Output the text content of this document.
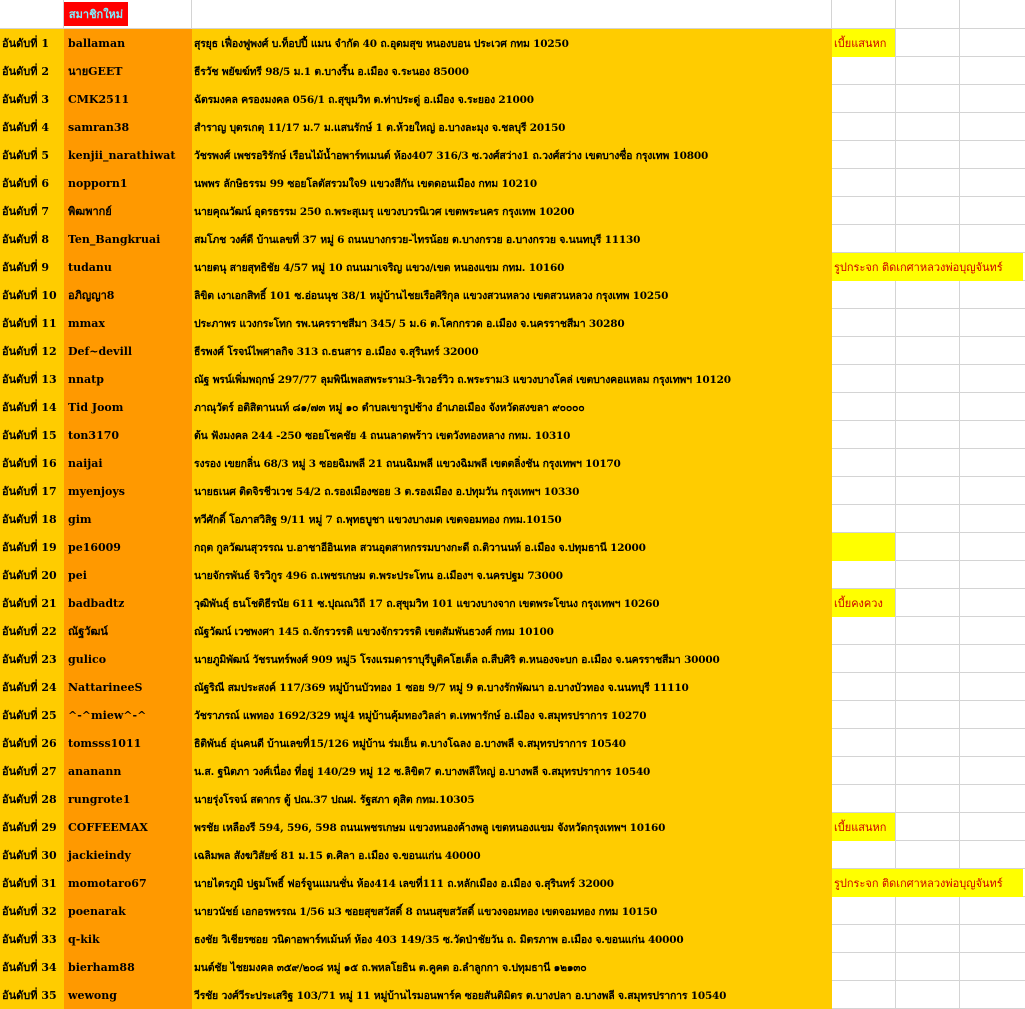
สมาชิกใหม่
อันดับที่ 1	ballaman	สุรยุธ เฟื่องฟูพงศ์ บ.ท็อปปี้ แมน จำกัด 40 ถ.อุดมสุข หนองบอน ประเวศ กทม 10250	เบี้ยแสนหก
อันดับที่ 2	นายGEET	ธีรวัช พยัฆฆ์ทรี 98/5 ม.1 ต.บางริ้น อ.เมือง จ.ระนอง 85000
อันดับที่ 3	CMK2511	ฉัตรมงคล ครองมงคล 056/1 ถ.สุขุมวิท ต.ท่าประดู่ อ.เมือง จ.ระยอง 21000
อันดับที่ 4	samran38	สำราญ บุตรเกตุ 11/17 ม.7 ม.แสนรักษ์ 1 ต.ห้วยใหญ่ อ.บางละมุง จ.ชลบุรี 20150
อันดับที่ 5	kenjii_narathiwat	วัชรพงศ์ เพชรอริรักษ์ เรือนไม้น้ำอพาร์ทเมนต์ ห้อง407 316/3 ซ.วงศ์สว่าง1 ถ.วงศ์สว่าง เขตบางซื่อ กรุงเทพ 10800
อันดับที่ 6	nopporn1	นพพร ลักษิธรรม 99 ซอยโลตัสรวมใจ9 แขวงสีกัน เขตดอนเมือง กทม 10210
อันดับที่ 7	พิฒพากย์	นายคุณวัฒน์ อุดรธรรม 250 ถ.พระสุเมรุ แขวงบวรนิเวศ เขตพระนคร กรุงเทพ 10200
อันดับที่ 8	Ten_Bangkruai	สมโภช วงศ์ดี บ้านเลขที่ 37 หมู่ 6 ถนนบางกรวย-ไทรน้อย ต.บางกรวย อ.บางกรวย จ.นนทบุรี 11130
อันดับที่ 9	tudanu	นายตนุ สายสุทธิชัย 4/57 หมู่ 10 ถนนมาเจริญ แขวง/เขต หนองแขม กทม. 10160	รูปกระจก ติดเกศาหลวงพ่อบุญจันทร์
อันดับที่ 10	อภิญญา8	ลิขิต เงาเอกสิทธิ์ 101 ซ.อ่อนนุช 38/1 หมู่บ้านไชยเรือศิริกุล แขวงสวนหลวง เขตสวนหลวง กรุงเทพ 10250
อันดับที่ 11	mmax	ประภาพร แวงกระโทก รพ.นครราชสีมา 345/ 5 ม.6 ต.โคกกรวด อ.เมือง จ.นครราชสีมา 30280
อันดับที่ 12	Def~devill	ธีรพงศ์ โรจน์ไพศาลกิจ 313 ถ.ธนสาร อ.เมือง จ.สุรินทร์ 32000
อันดับที่ 13	nnatp	ณัฐ พรน์เพิ่มพฤกษ์ 297/77 ลุมพินีเพลสพระราม3-ริเวอร์วิว ถ.พระราม3 แขวงบางโคล่ เขตบางคอแหลม กรุงเทพฯ 10120
อันดับที่ 14	Tid Joom	ภาณุวัตร์ อติสิตานนท์ ๘๑/๗๓ หมู่ ๑๐ ตำบลเขารูปช้าง อำเภอเมือง จังหวัดสงขลา ๙๐๐๐๐
อันดับที่ 15	ton3170	ต้น ฟังมงคล 244 -250 ซอยโชคชัย 4 ถนนลาดพร้าว เขตวังทองหลาง กทม. 10310
อันดับที่ 16	naijai	รงรอง เขยกลิ่น 68/3 หมู่ 3 ซอยฉิมพลี 21 ถนนฉิมพลี แขวงฉิมพลี เขตตลิ่งชัน กรุงเทพฯ 10170
อันดับที่ 17	myenjoys	นายธเนศ ติดจิรชีวเวช 54/2 ถ.รองเมืองซอย 3 ต.รองเมือง อ.ปทุมวัน กรุงเทพฯ 10330
อันดับที่ 18	gim	ทวีศักดิ์ โอภาสวิสิฐ 9/11 หมู่ 7 ถ.พุทธบูชา แขวงบางมด เขตจอมทอง กทม.10150
อันดับที่ 19	pe16009	กฤต กูลวัฒนสุวรรณ บ.อาชาอีอินเทล สวนอุตสาหกรรมบางกะดี ถ.ติวานนท์ อ.เมือง จ.ปทุมธานี 12000
อันดับที่ 20	pei	นายจักรพันธ์ จิรวิกูร 496 ถ.เพชรเกษม ต.พระประโทน อ.เมืองฯ จ.นครปฐม 73000
อันดับที่ 21	badbadtz	วุฒิพันธุ์ ธนโชติธีรนัย 611 ซ.ปุณณวิถี 17 ถ.สุขุมวิท 101 แขวงบางจาก เขตพระโขนง กรุงเทพฯ 10260	เบี้ยคงควง
อันดับที่ 22	ณัฐวัฒน์	ณัฐวัฒน์ เวชพงศา 145 ถ.จักรวรรดิ แขวงจักรวรรดิ เขตสัมพันธวงศ์ กทม 10100
อันดับที่ 23	gulico	นายภูมิพัฒน์ วัชรนทร์พงศ์ 909 หมู่5 โรงแรมดาราบุรีบูติคโฮเต็ล ถ.สืบศิริ ต.หนองจะบก อ.เมือง จ.นครราชสีมา 30000
อันดับที่ 24	NattarineeS	ณัฐริณี สมประสงค์ 117/369 หมู่บ้านบัวทอง 1 ซอย 9/7 หมู่ 9 ต.บางรักพัฒนา อ.บางบัวทอง จ.นนทบุรี 11110
อันดับที่ 25	^-^miew^-^	วัชราภรณ์ แพทอง 1692/329 หมู่4 หมู่บ้านคุ้มทองวิลล่า ต.เทพารักษ์ อ.เมือง จ.สมุทรปราการ 10270
อันดับที่ 26	tomsss1011	ธิติพันธ์ อุ่นคนดี บ้านเลขที่15/126 หมู่บ้าน ร่มเย็น ต.บางโฉลง อ.บางพลี จ.สมุทรปราการ 10540
อันดับที่ 27	ananann	น.ส. ฐนิตภา วงศ์เนื่อง ที่อยู่ 140/29 หมู่ 12 ซ.ลิขิต7 ต.บางพลีใหญ่ อ.บางพลี จ.สมุทรปราการ 10540
อันดับที่ 28	rungrote1	นายรุ่งโรจน์ สดากร ตู้ ปณ.37 ปณฝ. รัฐสภา ดุสิต กทม.10305
อันดับที่ 29	COFFEEMAX	พรชัย เหลืองรี 594, 596, 598 ถนนเพชรเกษม แขวงหนองค้างพลู เขตหนองแขม จังหวัดกรุงเทพฯ 10160	เบี้ยแสนหก
อันดับที่ 30	jackieindy	เฉลิมพล สังฆวิสัยซ์ 81 ม.15 ต.ศิลา อ.เมือง จ.ขอนแก่น 40000
อันดับที่ 31	momotaro67	นายไตรภูมิ ปฐมโพธิ์ ฟอร์จูนแมนชั่น ห้อง414 เลขที่111 ถ.หลักเมือง อ.เมือง จ.สุรินทร์ 32000	รูปกระจก ติดเกศาหลวงพ่อบุญจันทร์
อันดับที่ 32	poenarak	นายวนัชย์ เอกอรพรรณ 1/56 ม3 ซอยสุขสวัสดิ์ 8 ถนนสุขสวัสดิ์ แขวงจอมทอง เขตจอมทอง กทม 10150
อันดับที่ 33	q-kik	ธงชัย วิเชียรซอย วนิดาอพาร์ทเม้นท์ ห้อง 403 149/35 ซ.วัดป่าชัยวัน ถ. มิตรภาพ อ.เมือง จ.ขอนแก่น 40000
อันดับที่ 34	bierham88	มนต์ชัย ไชยมงคล ๓๕๙/๒๐๘ หมู่ ๑๕ ถ.พหลโยธิน ต.คูคต อ.ลำลูกกา จ.ปทุมธานี ๑๒๑๓๐
อันดับที่ 35	wewong	วีรชัย วงศ์วีระประเสริฐ 103/71 หมู่ 11 หมู่บ้านไรมอนพาร์ค ซอยสันติมิตร ต.บางปลา อ.บางพลี จ.สมุทรปราการ 10540
